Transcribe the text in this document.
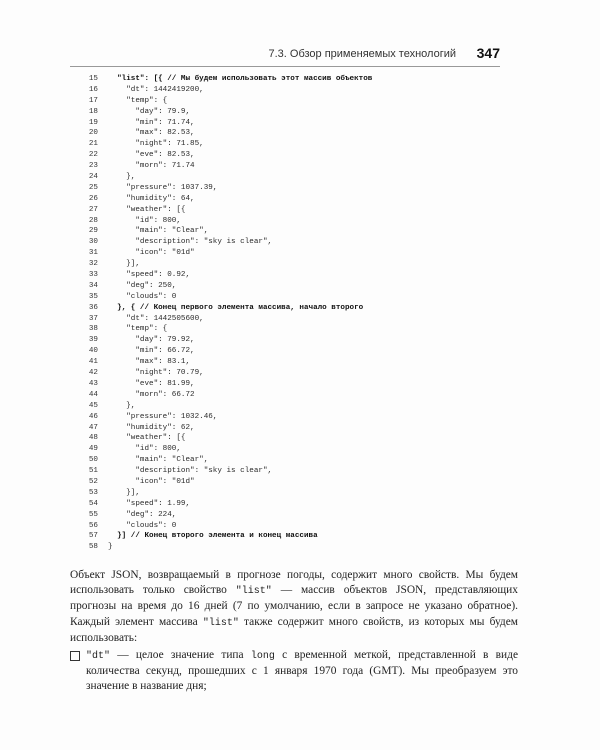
7.3. Обзор применяемых технологий 347
15 "list": [{ // Мы будем использовать этот массив объектов
16 "dt": 1442419200,
17 "temp": {
18 "day": 79.9,
19 "min": 71.74,
20 "max": 82.53,
21 "night": 71.85,
22 "eve": 82.53,
23 "morn": 71.74
24 },
25 "pressure": 1037.39,
26 "humidity": 64,
27 "weather": [{
28 "id": 800,
29 "main": "Clear",
30 "description": "sky is clear",
31 "icon": "01d"
32 }],
33 "speed": 0.92,
34 "deg": 250,
35 "clouds": 0
36 }, { // Конец первого элемента массива, начало второго
37 "dt": 1442505600,
38 "temp": {
39 "day": 79.92,
40 "min": 66.72,
41 "max": 83.1,
42 "night": 70.79,
43 "eve": 81.99,
44 "morn": 66.72
45 },
46 "pressure": 1032.46,
47 "humidity": 62,
48 "weather": [{
49 "id": 800,
50 "main": "Clear",
51 "description": "sky is clear",
52 "icon": "01d"
53 }],
54 "speed": 1.99,
55 "deg": 224,
56 "clouds": 0
57 }] // Конец второго элемента и конец массива
58 }
Объект JSON, возвращаемый в прогнозе погоды, содержит много свойств. Мы будем использовать только свойство "list" — массив объектов JSON, представляющих прогнозы на время до 16 дней (7 по умолчанию, если в запросе не указано обратное). Каждый элемент массива "list" также содержит много свойств, из которых мы будем использовать:
"dt" — целое значение типа long с временной меткой, представленной в виде количества секунд, прошедших с 1 января 1970 года (GMT). Мы преобразуем это значение в название дня;
